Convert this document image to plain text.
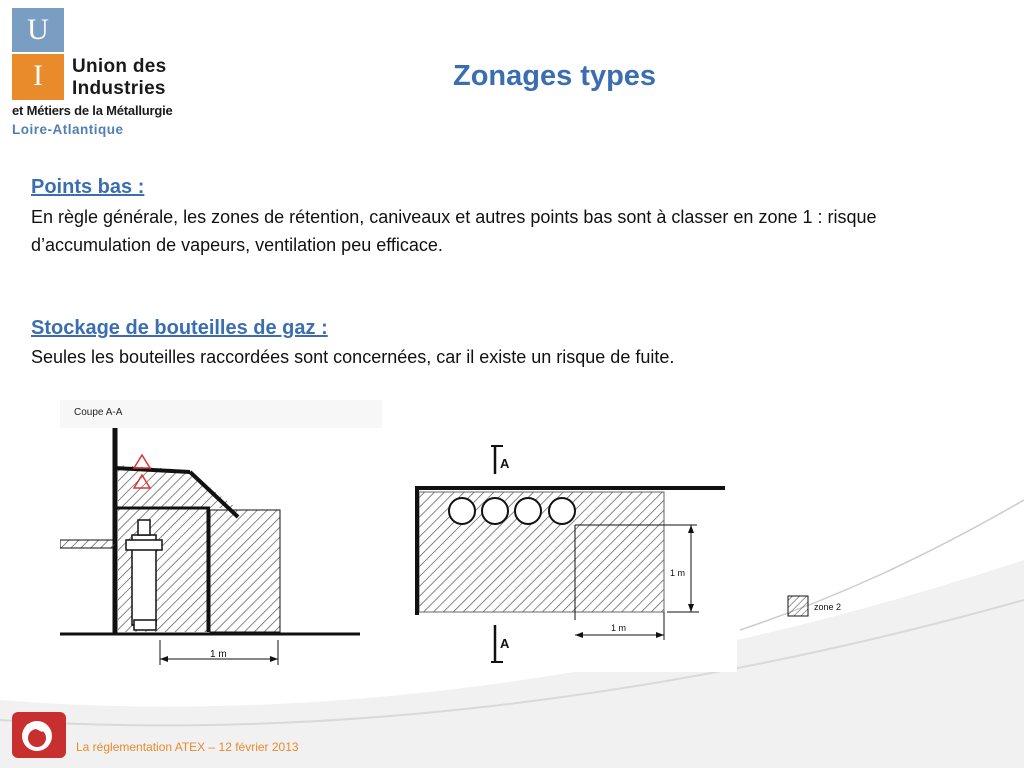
U
I	Union des
Industries
et Métiers de la Métallurgie
Loire-Atlantique
Zonages types
Points bas :
En règle générale, les zones de rétention, caniveaux et autres points bas sont à classer en zone 1 : risque d’accumulation de vapeurs, ventilation peu efficace.
Stockage de bouteilles de gaz :
Seules les bouteilles raccordées sont concernées, car il existe un risque de fuite.
Coupe A-A
1 m
A
A
1 m
1 m
zone 2
La réglementation ATEX – 12 février 2013
